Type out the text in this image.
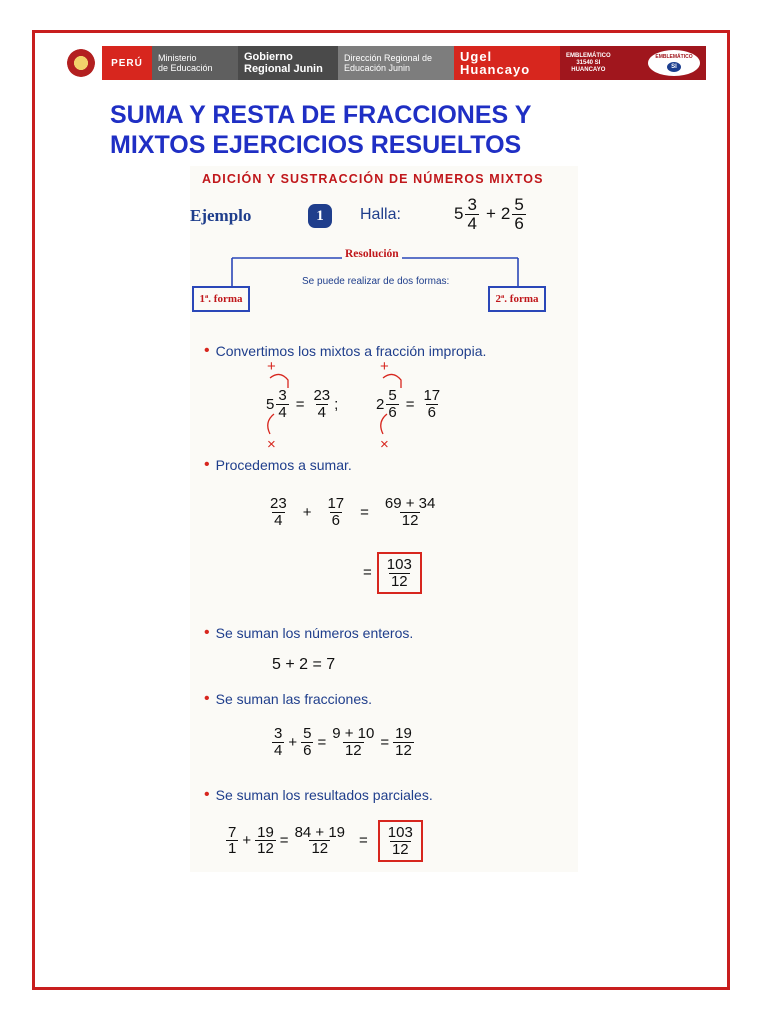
PERÚ	Ministerio
de Educación
Gobierno
Regional Junin
Dirección Regional de
Educación Junin
Ugel
Huancayo
EMBLEMÁTICO
31540 SI
HUANCAYO
EMBLEMÁTICO
SI
SUMA Y RESTA DE FRACCIONES Y
MIXTOS EJERCICIOS RESUELTOS
ADICIÓN Y SUSTRACCIÓN DE NÚMEROS MIXTOS
Ejemplo	1	Halla:	$5 \frac{3}{4} + 2 \frac{5}{6}$
Resolución
Se puede realizar de dos formas:
1ª. forma	2ª. forma
• Convertimos los mixtos a fracción impropia.
+	+
×	×
$5 \frac{3}{4} = \frac{23}{4}$ ;	$2 \frac{5}{6} = \frac{17}{6}$
• Procedemos a sumar.
$\frac{23}{4} + \frac{17}{6} = \frac{69 + 34}{12}$
= $\frac{103}{12}$
• Se suman los números enteros.
5 + 2 = 7
• Se suman las fracciones.
$\frac{3}{4} + \frac{5}{6} = \frac{9 + 10}{12} = \frac{19}{12}$
• Se suman los resultados parciales.
$\frac{7}{1} + \frac{19}{12} = \frac{84 + 19}{12} = \frac{103}{12}$
